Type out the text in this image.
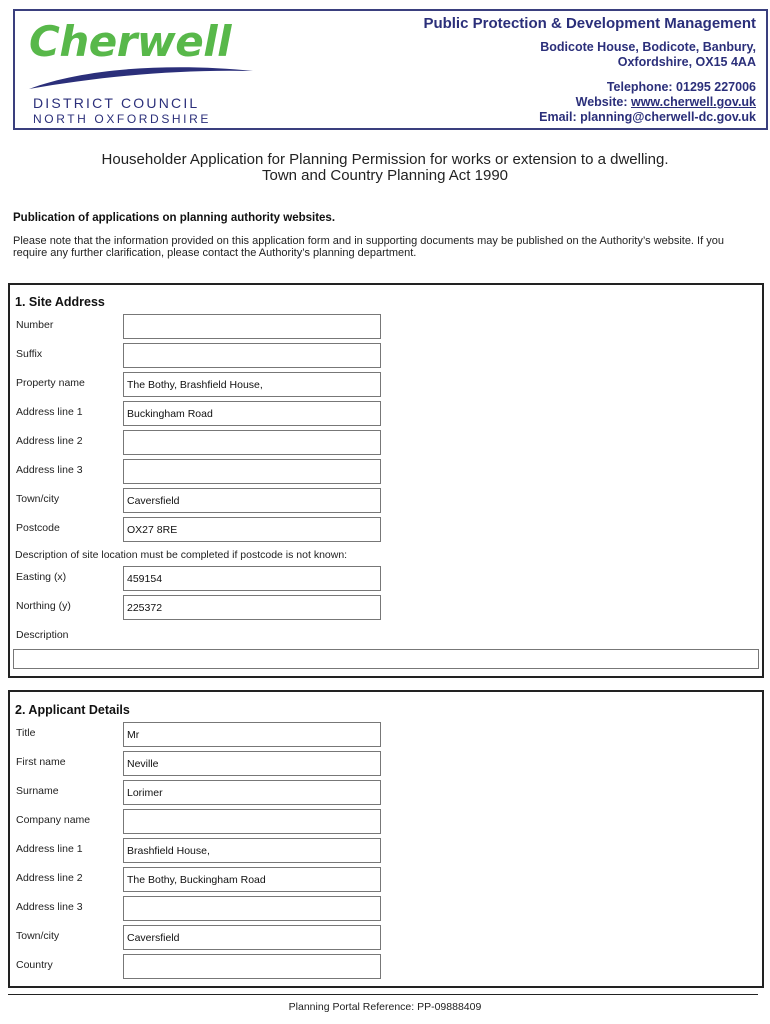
Cherwell
DISTRICT COUNCIL
NORTH OXFORDSHIRE
Public Protection & Development Management
Bodicote House, Bodicote, Banbury,
Oxfordshire, OX15 4AA
Telephone: 01295 227006
Website: www.cherwell.gov.uk
Email: planning@cherwell-dc.gov.uk
Householder Application for Planning Permission for works or extension to a dwelling.
Town and Country Planning Act 1990
Publication of applications on planning authority websites.
Please note that the information provided on this application form and in supporting documents may be published on the Authority’s website. If you require any further clarification, please contact the Authority’s planning department.
1. Site Address
Number
Suffix
Property name	The Bothy, Brashfield House,
Address line 1	Buckingham Road
Address line 2
Address line 3
Town/city	Caversfield
Postcode	OX27 8RE
Description of site location must be completed if postcode is not known:
Easting (x)	459154
Northing (y)	225372
Description
2. Applicant Details
Title	Mr
First name	Neville
Surname	Lorimer
Company name
Address line 1	Brashfield House,
Address line 2	The Bothy, Buckingham Road
Address line 3
Town/city	Caversfield
Country
Planning Portal Reference: PP-09888409
